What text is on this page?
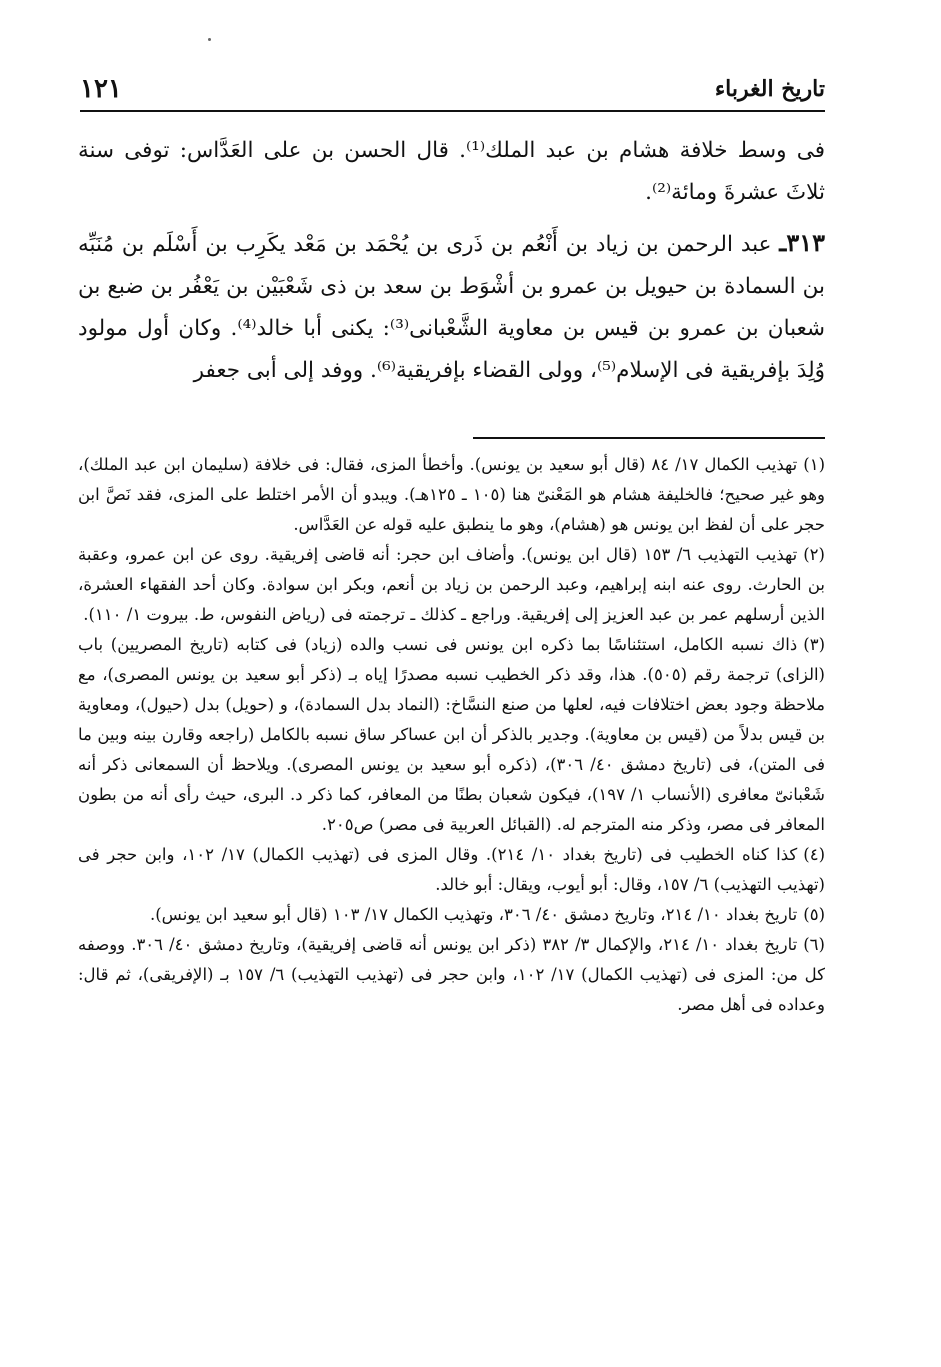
تاريخ الغرباء
١٢١

فى وسط خلافة هشام بن عبد الملك⁽¹⁾. قال الحسن بن على العَدَّاس: توفى سنة ثلاثَ عشرةَ ومائة⁽²⁾.

٣١٣ـ عبد الرحمن بن زياد بن أَنْعُم بن ذَرى بن يُحْمَد بن مَعْد يكَرِب بن أَسْلَم بن مُنَبِّه بن السمادة بن حيويل بن عمرو بن أشْوَط بن سعد بن ذى شَعْبَيْن بن يَعْفُر بن ضبع بن شعبان بن عمرو بن قيس بن معاوية الشَّعْبانى⁽³⁾: يكنى أبا خالد⁽⁴⁾. وكان أول مولود وُلِدَ بإفريقية فى الإسلام⁽⁵⁾، وولى القضاء بإفريقية⁽⁶⁾. ووفد إلى أبى جعفر

(١)تهذيب الكمال ١٧/ ٨٤ (قال أبو سعيد بن يونس). وأخطأ المزى، فقال: فى خلافة (سليمان ابن عبد الملك)، وهو غير صحيح؛ فالخليفة هشام هو المَعْنىّ هنا (١٠٥ ـ ١٢٥هـ). ويبدو أن الأمر اختلط على المزى، فقد نَصَّ ابن حجر على أن لفظ ابن يونس هو (هشام)، وهو ما ينطبق عليه قوله عن العَدَّاس.

(٢)تهذيب التهذيب ٦/ ١٥٣ (قال ابن يونس). وأضاف ابن حجر: أنه قاضى إفريقية. روى عن ابن عمرو، وعقبة بن الحارث. روى عنه ابنه إبراهيم، وعبد الرحمن بن زياد بن أنعم، وبكر ابن سوادة. وكان أحد الفقهاء العشرة، الذين أرسلهم عمر بن عبد العزيز إلى إفريقية. وراجع ـ كذلك ـ ترجمته فى (رياض النفوس، ط. بيروت ١/ ١١٠).

(٣)ذاك نسبه الكامل، استئناسًا بما ذكره ابن يونس فى نسب والده (زياد) فى كتابه (تاريخ المصريين) باب (الزاى) ترجمة رقم (٥٠٥). هذا، وقد ذكر الخطيب نسبه مصدرًا إياه بـ (ذكر أبو سعيد بن يونس المصرى)، مع ملاحظة وجود بعض اختلافات فيه، لعلها من صنع النسَّاخ: (النماد بدل السمادة)، و (حويل) بدل (حيول)، ومعاوية بن قيس بدلاً من (قيس بن معاوية). وجدير بالذكر أن ابن عساكر ساق نسبه بالكامل (راجعه وقارن بينه وبين ما فى المتن)، فى (تاريخ دمشق ٤٠/ ٣٠٦)، (ذكره أبو سعيد بن يونس المصرى). ويلاحظ أن السمعانى ذكر أنه شَعْبانىّ معافرى (الأنساب ١/ ١٩٧)، فيكون شعبان بطنًا من المعافر، كما ذكر د. البرى، حيث رأى أنه من بطون المعافر فى مصر، وذكر منه المترجم له. (القبائل العربية فى مصر) ص٢٠٥.

(٤)كذا كناه الخطيب فى (تاريخ بغداد ١٠/ ٢١٤). وقال المزى فى (تهذيب الكمال) ١٧/ ١٠٢، وابن حجر فى (تهذيب التهذيب) ٦/ ١٥٧، وقال: أبو أيوب، ويقال: أبو خالد.

(٥)تاريخ بغداد ١٠/ ٢١٤، وتاريخ دمشق ٤٠/ ٣٠٦، وتهذيب الكمال ١٧/ ١٠٣ (قال أبو سعيد ابن يونس).

(٦)تاريخ بغداد ١٠/ ٢١٤، والإكمال ٣/ ٣٨٢ (ذكر ابن يونس أنه قاضى إفريقية)، وتاريخ دمشق ٤٠/ ٣٠٦. ووصفه كل من: المزى فى (تهذيب الكمال) ١٧/ ١٠٢، وابن حجر فى (تهذيب التهذيب) ٦/ ١٥٧ بـ (الإفريقى)، ثم قال: وعداده فى أهل مصر.
